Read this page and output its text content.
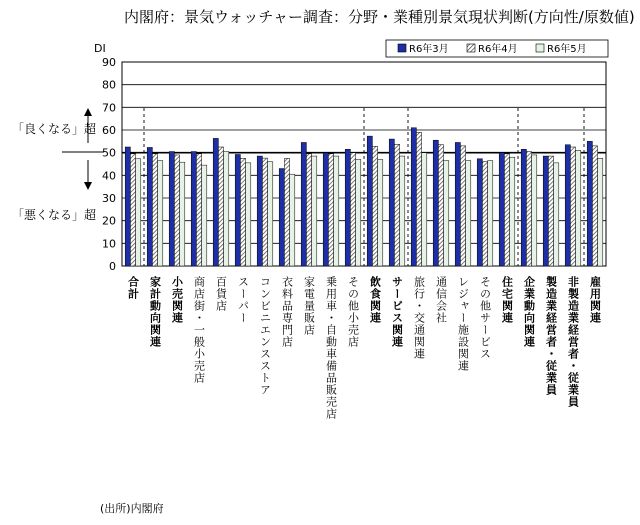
内閣府：景気ウォッチャー調査：分野・業種別景気現状判断(方向性/原数値)
「良くなる」超
「悪くなる」超
(出所)内閣府
0
10
20
30
40
50
60
70
80
90
DI
合計 家計動向関連 小売関連 商店街・一般小売店 百貨店 スーパー コンビニエンスストア 衣料品専門店 家電量販店 乗用車・自動車備品販売店 その他小売店 飲食関連 サービス関連 旅行・交通関連 通信会社 レジャー施設関連 その他サービス 住宅関連 企業動向関連 製造業経営者・従業員 非製造業経営者・従業員 雇用関連
R6年3月	R6年4月	R6年5月
